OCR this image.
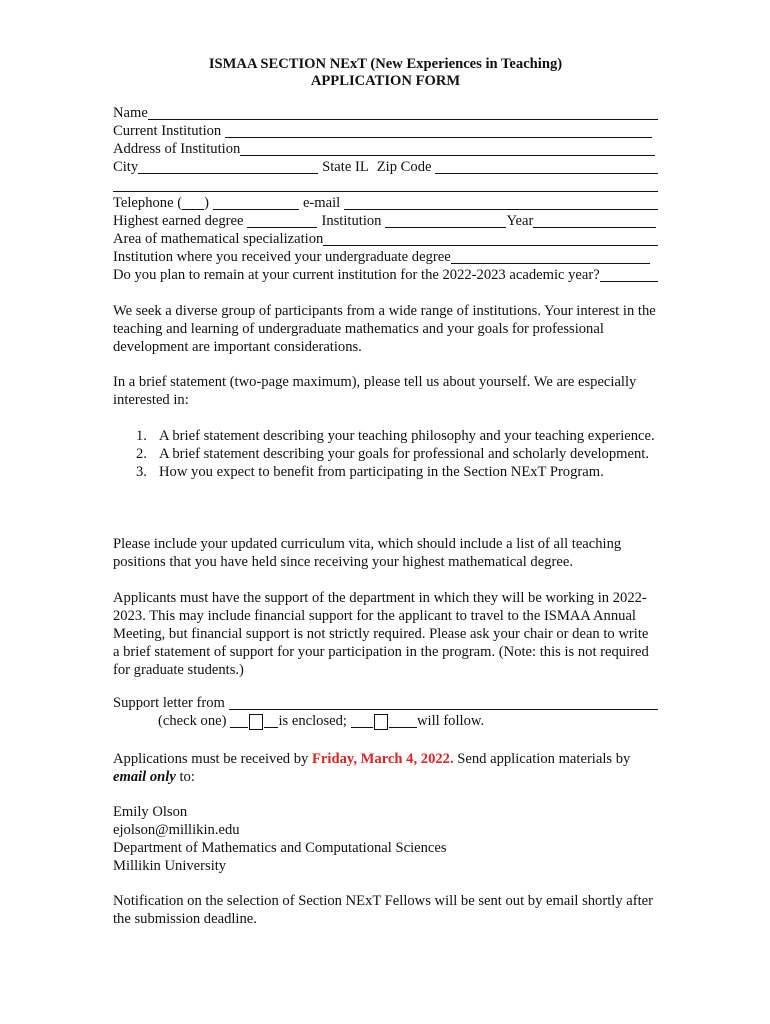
ISMAA SECTION NExT (New Experiences in Teaching)
APPLICATION FORM
Name
Current Institution
Address of Institution
City	State IL Zip Code
Telephone ( )	e-mail
Highest earned degree	Institution	Year
Area of mathematical specialization
Institution where you received your undergraduate degree
Do you plan to remain at your current institution for the 2022-2023 academic year?
We seek a diverse group of participants from a wide range of institutions. Your interest in the teaching and learning of undergraduate mathematics and your goals for professional development are important considerations.
In a brief statement (two-page maximum), please tell us about yourself. We are especially interested in:
1. A brief statement describing your teaching philosophy and your teaching experience.
2. A brief statement describing your goals for professional and scholarly development.
3. How you expect to benefit from participating in the Section NExT Program.
Please include your updated curriculum vita, which should include a list of all teaching positions that you have held since receiving your highest mathematical degree.
Applicants must have the support of the department in which they will be working in 2022-2023. This may include financial support for the applicant to travel to the ISMAA Annual Meeting, but financial support is not strictly required. Please ask your chair or dean to write a brief statement of support for your participation in the program. (Note: this is not required for graduate students.)
Support letter from
(check one)	is enclosed;	will follow.
Applications must be received by Friday, March 4, 2022. Send application materials by email only to:
Emily Olson
ejolson@millikin.edu
Department of Mathematics and Computational Sciences
Millikin University
Notification on the selection of Section NExT Fellows will be sent out by email shortly after the submission deadline.
